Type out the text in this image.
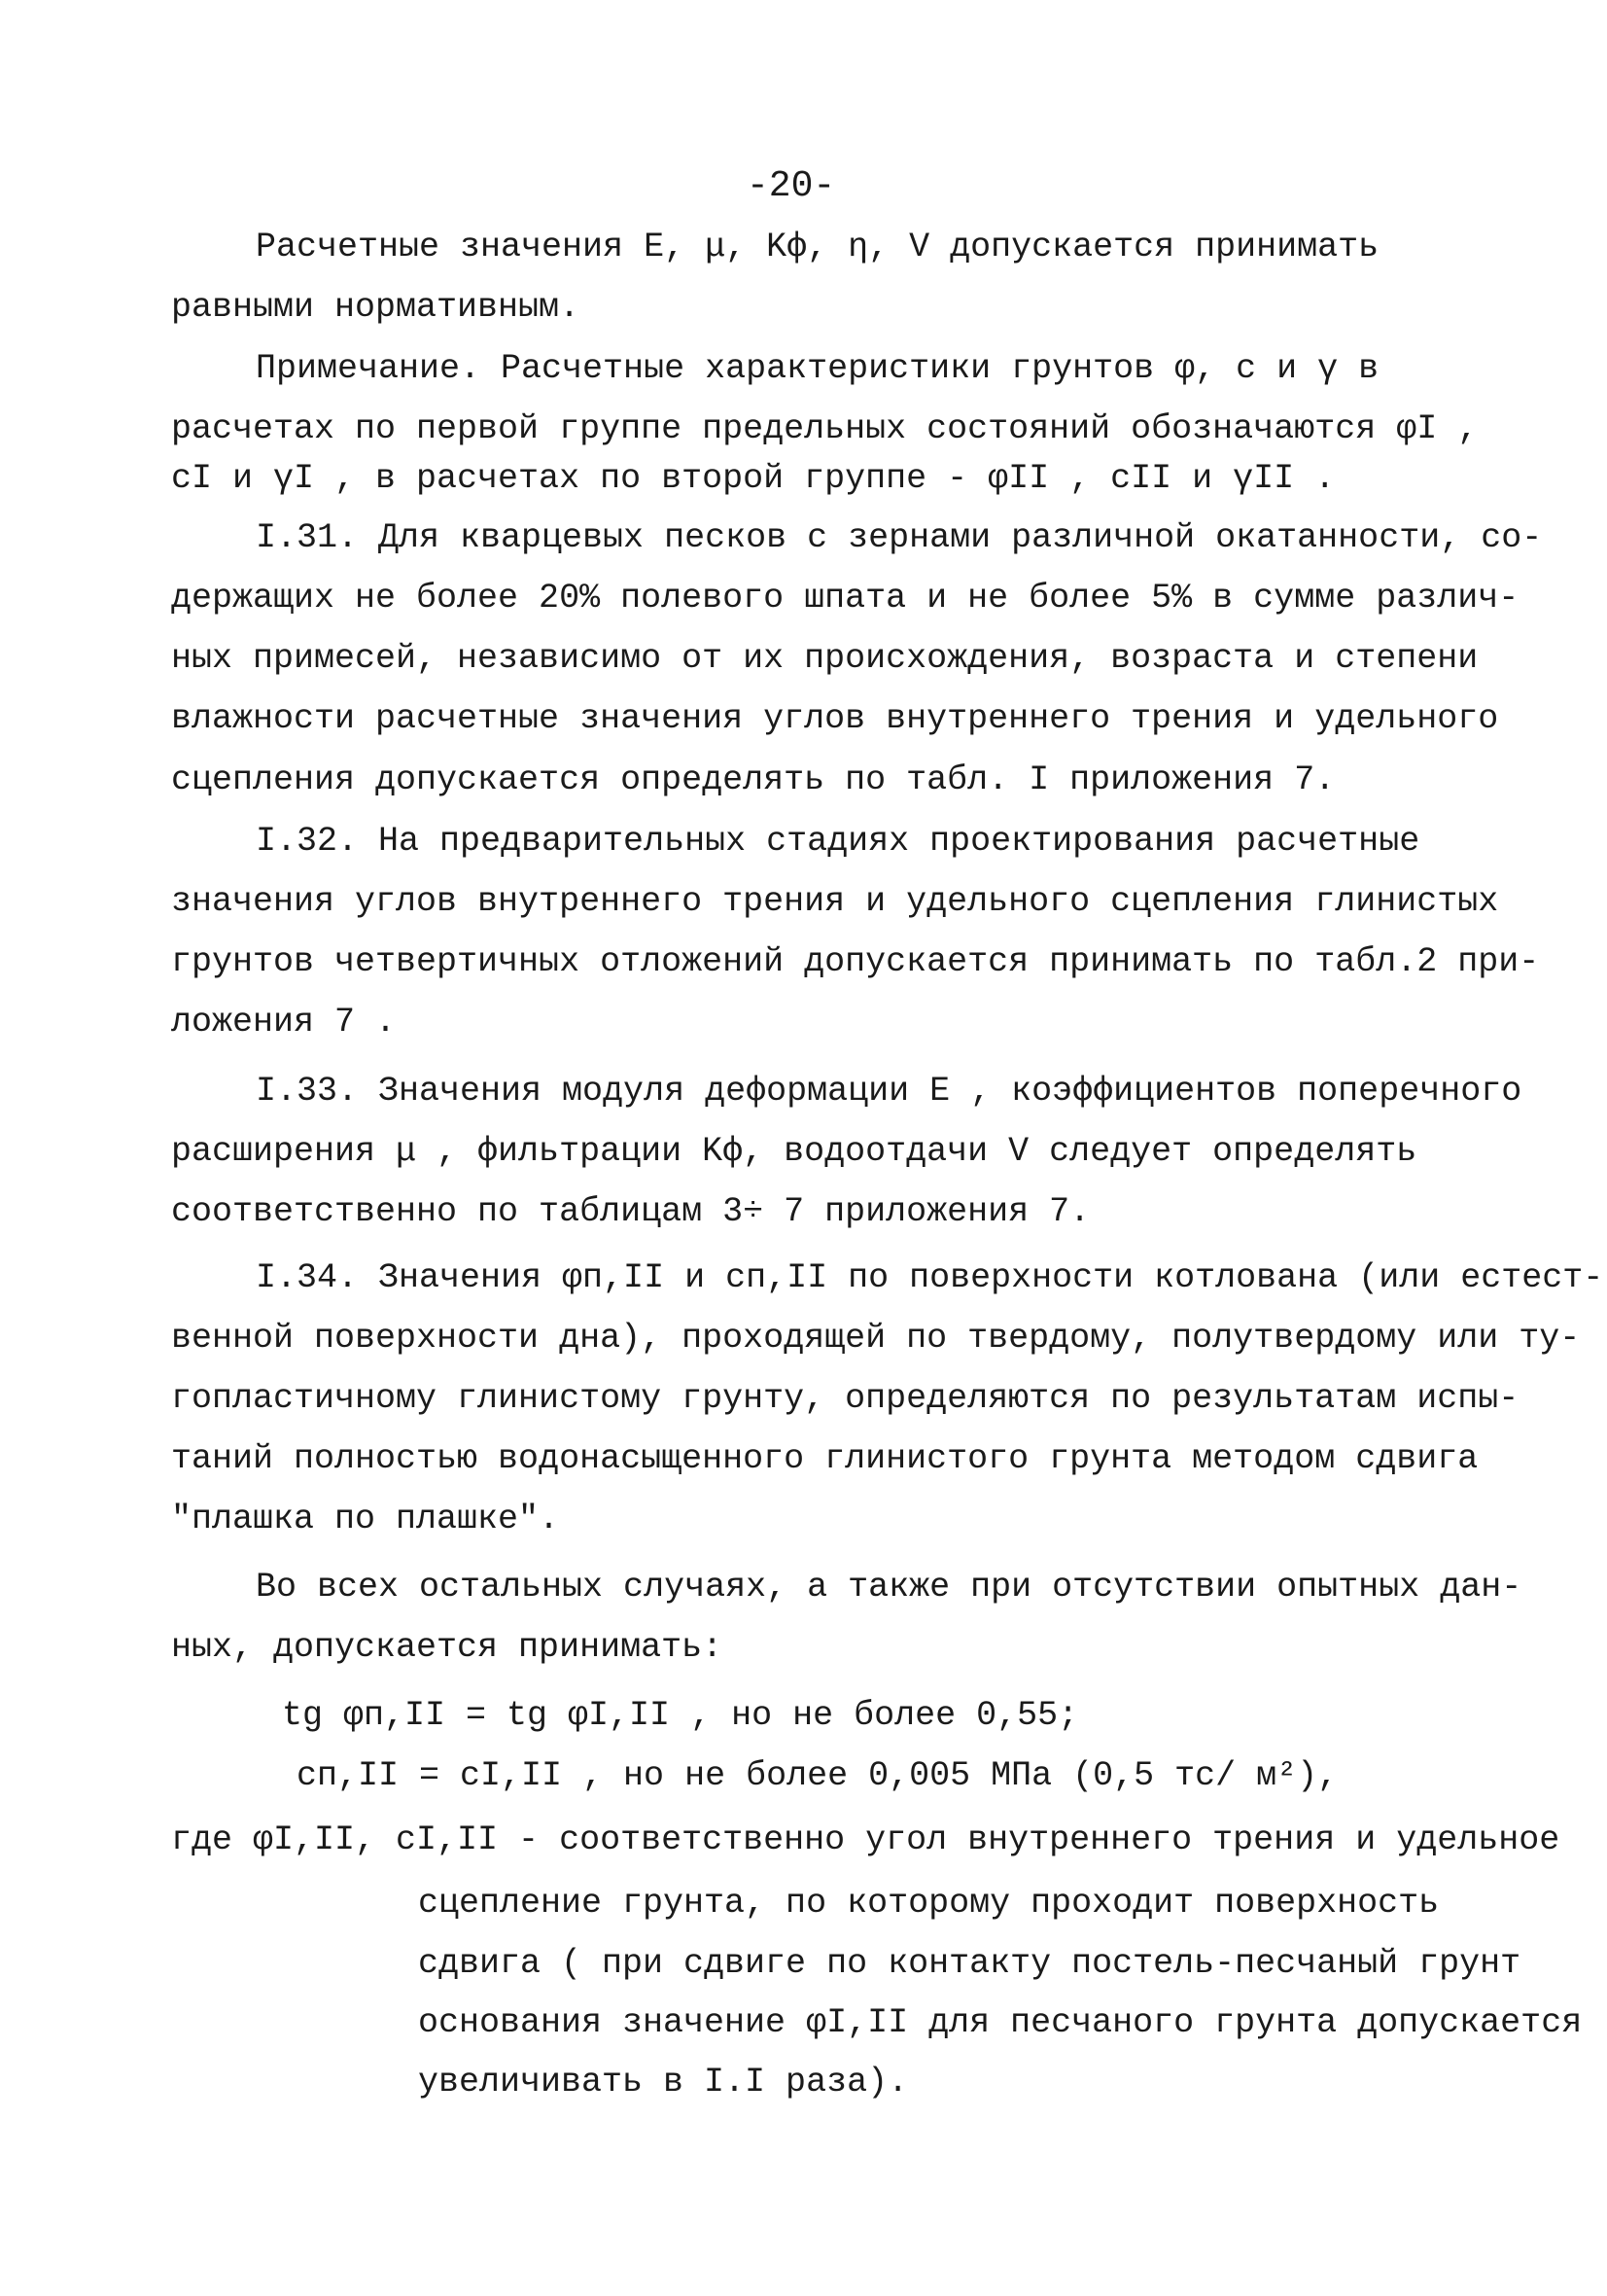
-20-
Расчетные значения E, μ, Kф, η, V допускается принимать
равными нормативным.
Примечание. Расчетные характеристики грунтов φ, c и γ в
расчетах по первой группе предельных состояний обозначаются φI ,
cI и γI , в расчетах по второй группе - φII , cII и γII .
I.31. Для кварцевых песков с зернами различной окатанности, со-
держащих не более 20% полевого шпата и не более 5% в сумме различ-
ных примесей, независимо от их происхождения, возраста и степени
влажности расчетные значения углов внутреннего трения и удельного
сцепления допускается определять по табл. I приложения 7.
I.32. На предварительных стадиях проектирования расчетные
значения углов внутреннего трения и удельного сцепления глинистых
грунтов четвертичных отложений допускается принимать по табл.2 при-
ложения 7 .
I.33. Значения модуля деформации E , коэффициентов поперечного
расширения μ , фильтрации Kф, водоотдачи V следует определять
соответственно по таблицам 3÷ 7 приложения 7.
I.34. Значения φп,II и cп,II по поверхности котлована (или естест-
венной поверхности дна), проходящей по твердому, полутвердому или ту-
гопластичному глинистому грунту, определяются по результатам испы-
таний полностью водонасыщенного глинистого грунта методом сдвига
"плашка по плашке".
Во всех остальных случаях, а также при отсутствии опытных дан-
ных, допускается принимать:
tg φп,II = tg φI,II , но не более 0,55;
cп,II = cI,II , но не более 0,005 МПа (0,5 тс/ м²),
где φI,II, cI,II - соответственно угол внутреннего трения и удельное
сцепление грунта, по которому проходит поверхность
сдвига ( при сдвиге по контакту постель-песчаный грунт
основания значение φI,II для песчаного грунта допускается
увеличивать в I.I раза).
